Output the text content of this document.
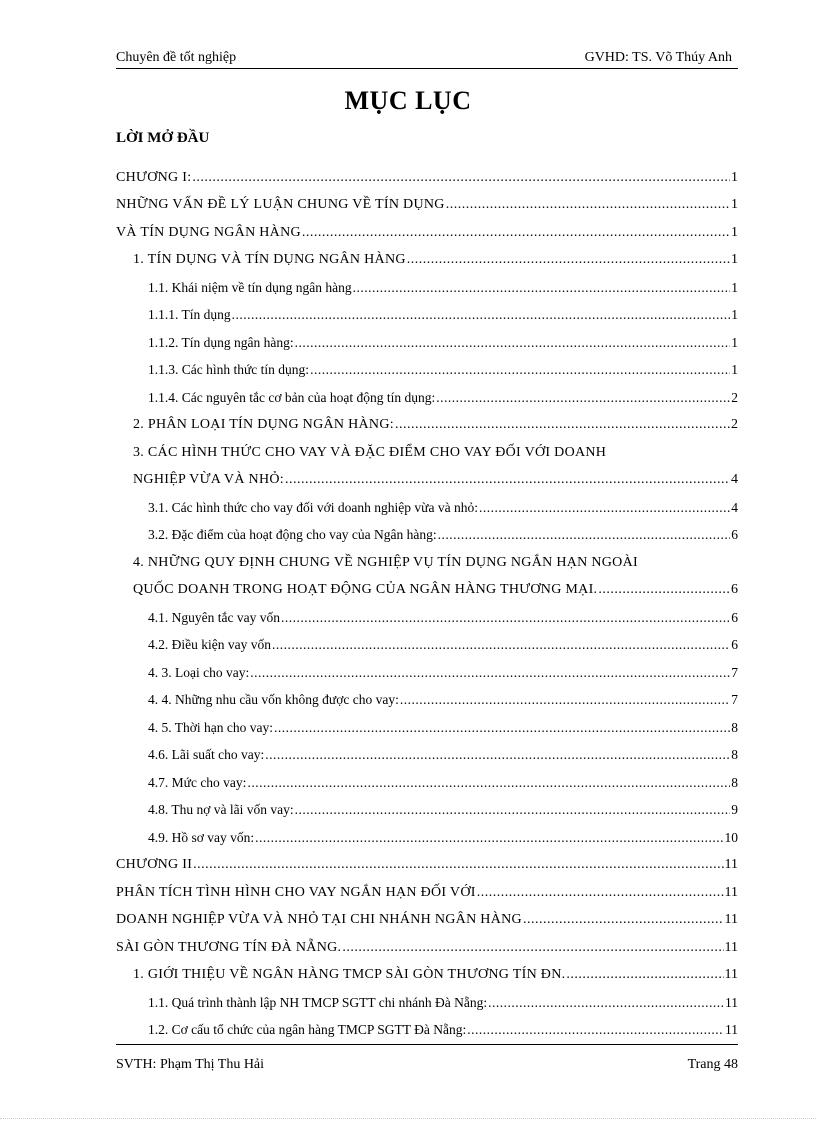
Chuyên đề tốt nghiệp	GVHD: TS. Võ Thúy Anh
MỤC LỤC
LỜI MỞ ĐẦU
CHƯƠNG I: .....	1
NHỮNG VẤN ĐỀ LÝ LUẬN CHUNG VỀ TÍN DỤNG .....	1
VÀ TÍN DỤNG NGÂN HÀNG .....	1
1. TÍN DỤNG VÀ TÍN DỤNG NGÂN HÀNG .....	1
1.1. Khái niệm về tín dụng ngân hàng .....	1
1.1.1. Tín dụng .....	1
1.1.2. Tín dụng ngân hàng: .....	1
1.1.3. Các hình thức tín dụng: .....	1
1.1.4. Các nguyên tắc cơ bản của hoạt động tín dụng: .....	2
2. PHÂN LOẠI TÍN DỤNG NGÂN HÀNG: .....	2
3. CÁC HÌNH THỨC CHO VAY VÀ ĐẶC ĐIỂM CHO VAY ĐỐI VỚI DOANH
NGHIỆP VỪA VÀ NHỎ: .....	4
3.1. Các hình thức cho vay đối với doanh nghiệp vừa và nhỏ: .....	4
3.2. Đặc điểm của hoạt động cho vay của Ngân hàng: .....	6
4. NHỮNG QUY ĐỊNH CHUNG VỀ NGHIỆP VỤ TÍN DỤNG NGẮN HẠN NGOÀI
QUỐC DOANH TRONG HOẠT ĐỘNG CỦA NGÂN HÀNG THƯƠNG MẠI. .....	6
4.1. Nguyên tắc vay vốn .....	6
4.2. Điều kiện vay vốn .....	6
4. 3. Loại cho vay: .....	7
4. 4. Những nhu cầu vốn không được cho vay: .....	7
4. 5. Thời hạn cho vay: .....	8
4.6. Lãi suất cho vay: .....	8
4.7. Mức cho vay: .....	8
4.8. Thu nợ và lãi vốn vay: .....	9
4.9. Hồ sơ vay vốn: .....	10
CHƯƠNG II .....	11
PHÂN TÍCH TÌNH HÌNH CHO VAY NGẮN HẠN ĐỐI VỚI .....	11
DOANH NGHIỆP VỪA VÀ NHỎ TẠI CHI NHÁNH NGÂN HÀNG .....	11
SÀI GÒN THƯƠNG TÍN ĐÀ NẴNG. .....	11
1. GIỚI THIỆU VỀ NGÂN HÀNG TMCP SÀI GÒN THƯƠNG TÍN ĐN. .....	11
1.1. Quá trình thành lập NH TMCP SGTT chi nhánh Đà Nẵng: .....	11
1.2. Cơ cấu tổ chức của ngân hàng TMCP SGTT Đà Nẵng: .....	11
SVTH: Phạm Thị Thu Hải	Trang 48
